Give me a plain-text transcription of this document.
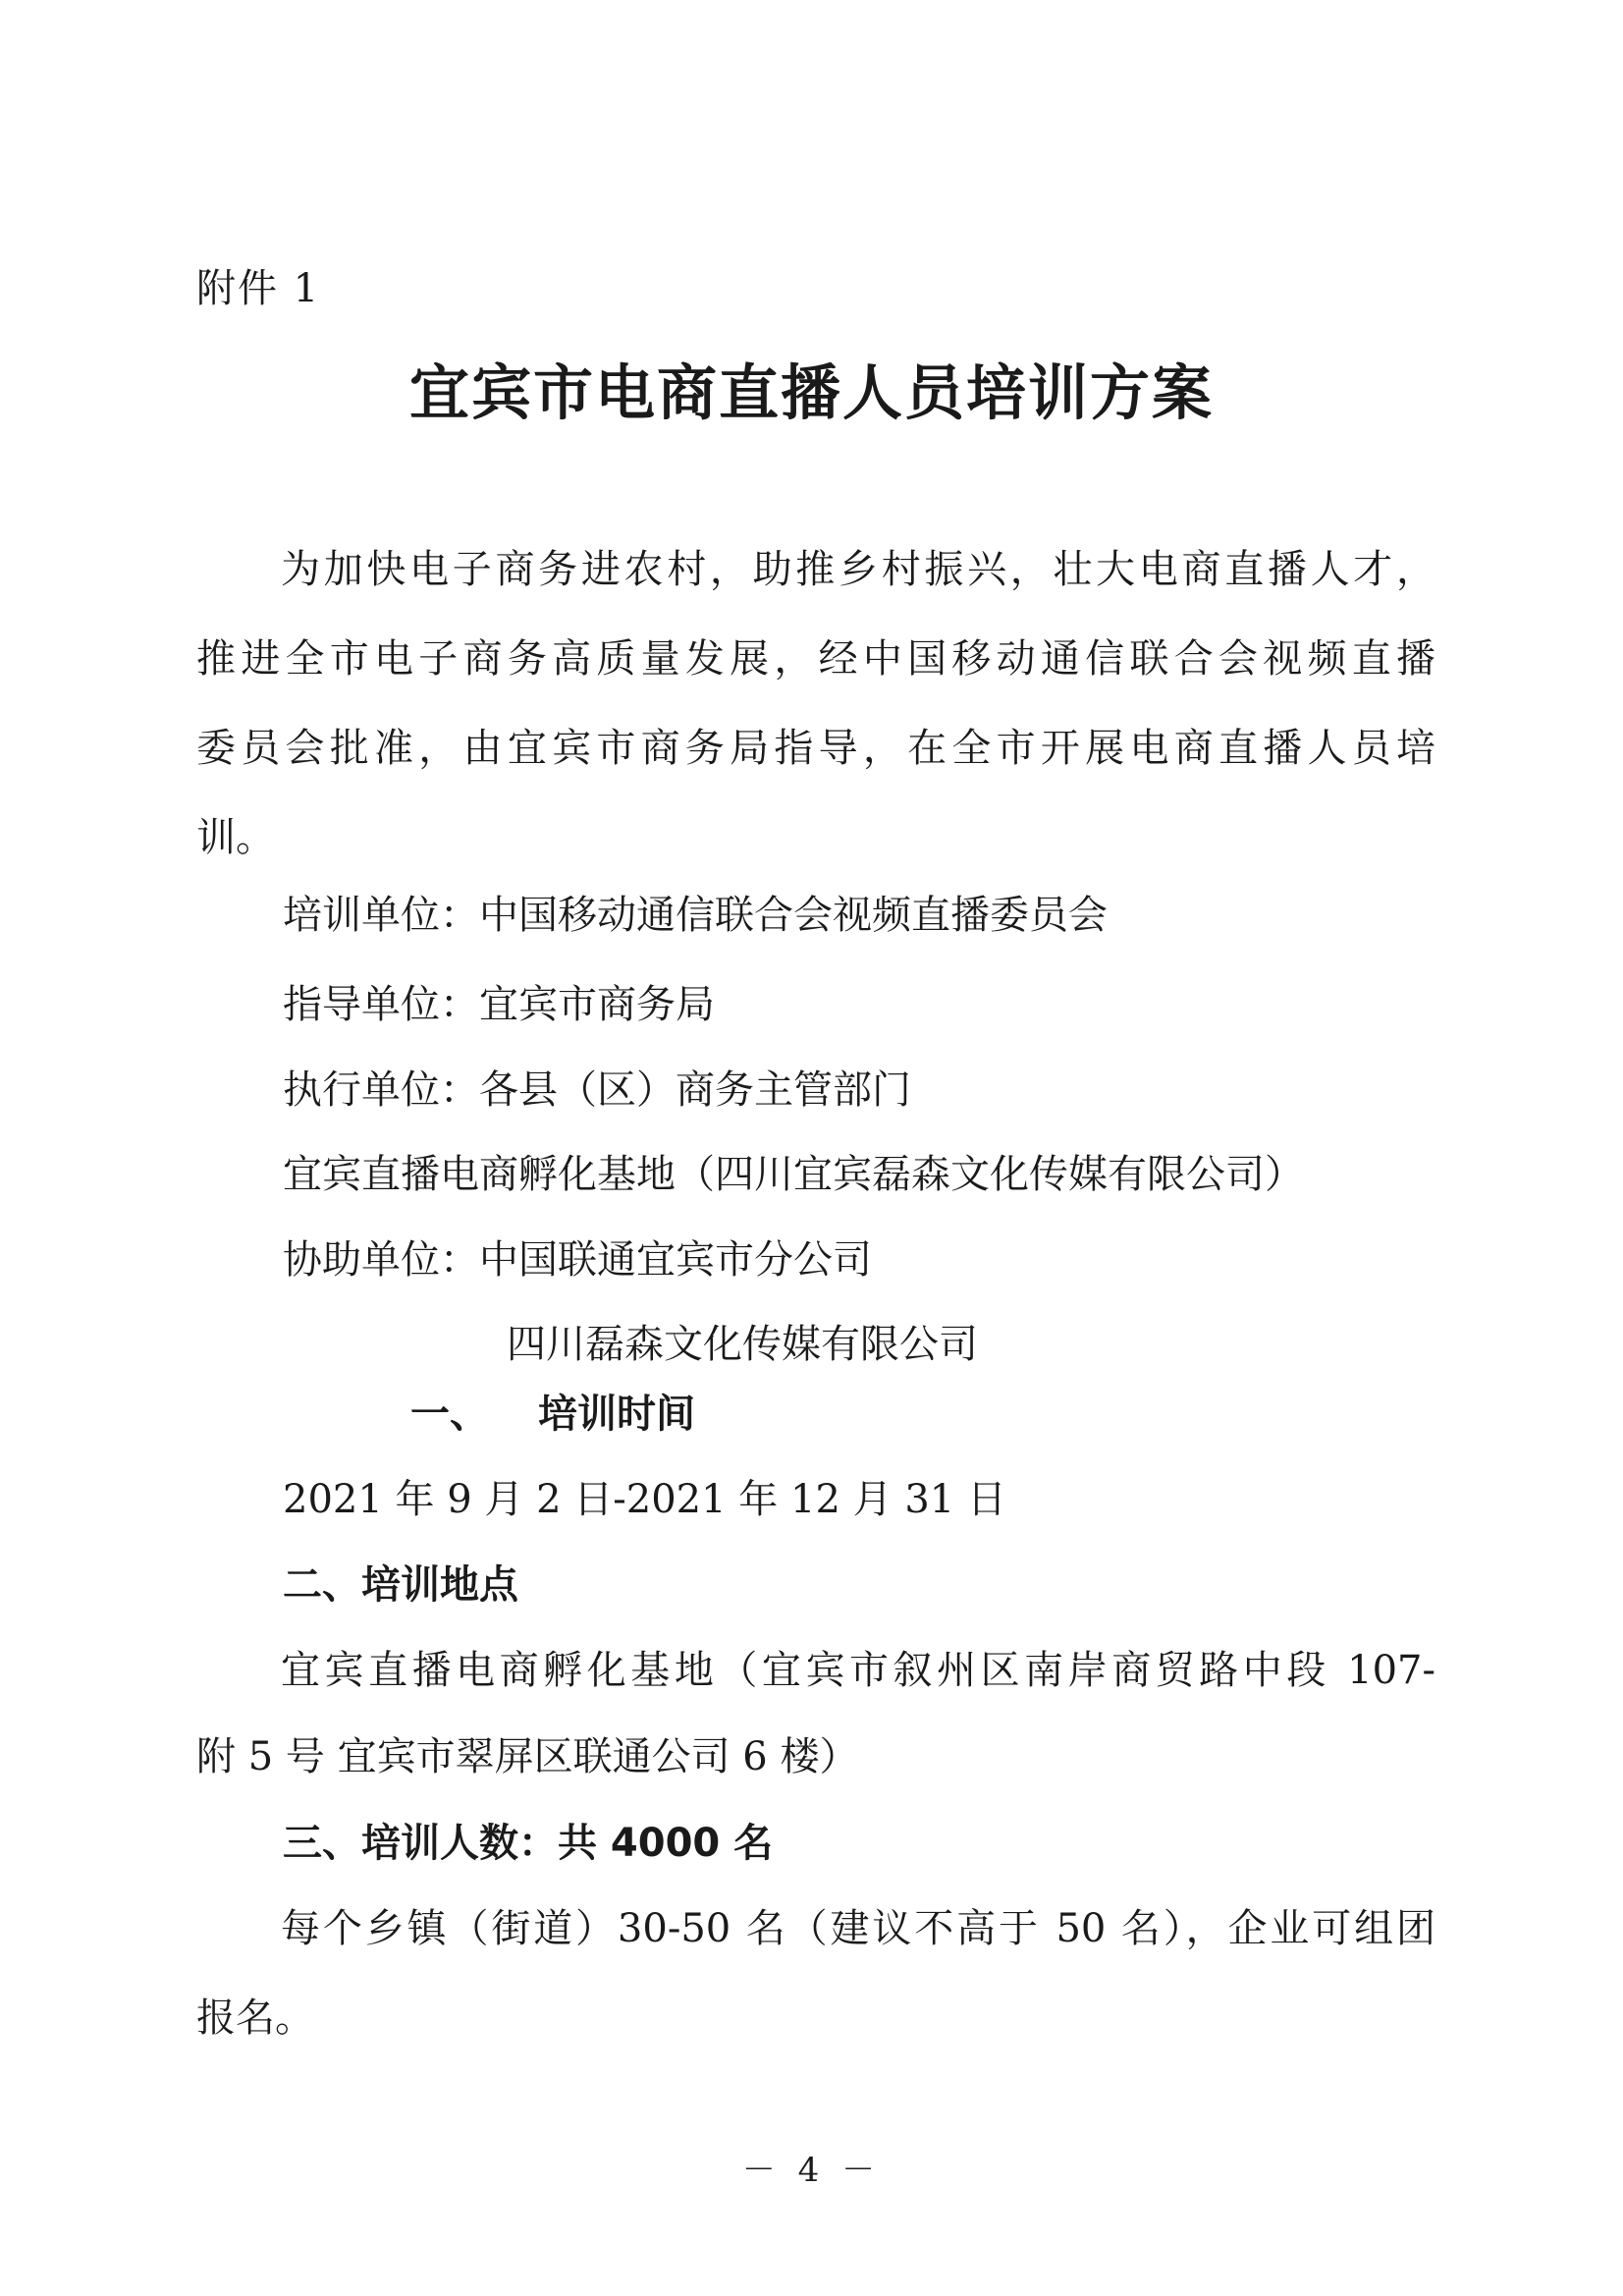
附件 1
宜宾市电商直播人员培训方案
为加快电子商务进农村，助推乡村振兴，壮大电商直播人才，
推进全市电子商务高质量发展，经中国移动通信联合会视频直播
委员会批准，由宜宾市商务局指导，在全市开展电商直播人员培
训。
培训单位：中国移动通信联合会视频直播委员会
指导单位：宜宾市商务局
执行单位：各县（区）商务主管部门
宜宾直播电商孵化基地（四川宜宾磊森文化传媒有限公司）
协助单位：中国联通宜宾市分公司
四川磊森文化传媒有限公司
一、 培训时间
2021 年 9 月 2 日-2021 年 12 月 31 日
二、培训地点
宜宾直播电商孵化基地（宜宾市叙州区南岸商贸路中段 107-
附 5 号 宜宾市翠屏区联通公司 6 楼）
三、培训人数：共 4000 名
每个乡镇（街道）30-50 名（建议不高于 50 名），企业可组团
报名。
－ 4 －
